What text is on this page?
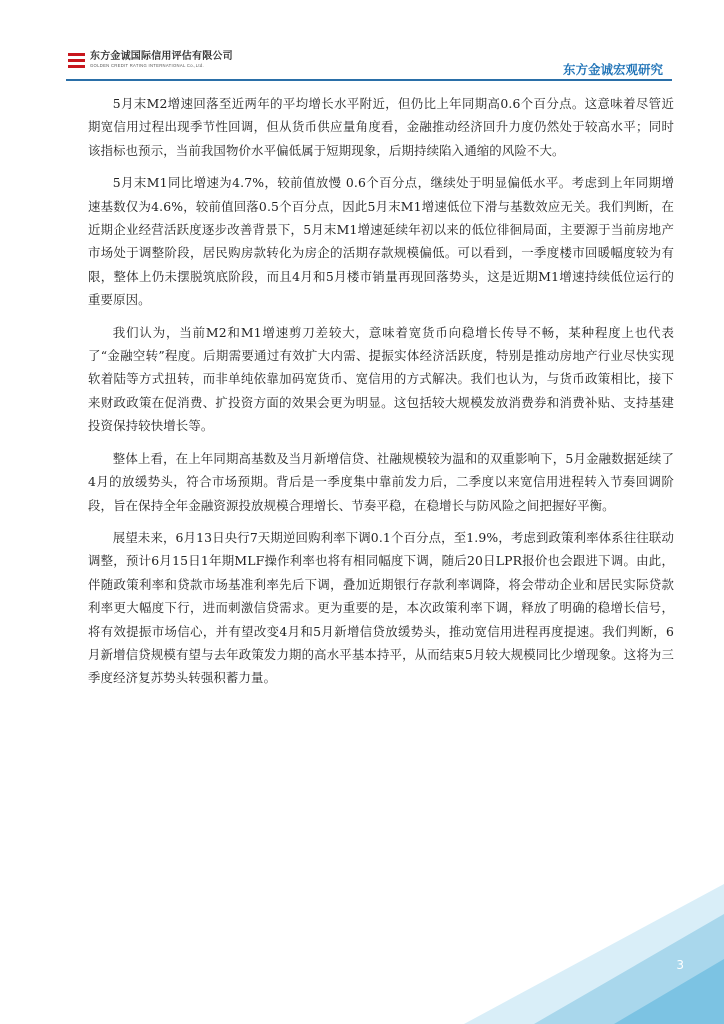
东方金诚国际信用评估有限公司
GOLDEN CREDIT RATING INTERNATIONAL Co.,Ltd.	东方金诚宏观研究

5月末M2增速回落至近两年的平均增长水平附近，但仍比上年同期高0.6个百分点。这意味着尽管近期宽信用过程出现季节性回调，但从货币供应量角度看，金融推动经济回升力度仍然处于较高水平；同时该指标也预示，当前我国物价水平偏低属于短期现象，后期持续陷入通缩的风险不大。

5月末M1同比增速为4.7%，较前值放慢 0.6个百分点，继续处于明显偏低水平。考虑到上年同期增速基数仅为4.6%，较前值回落0.5个百分点，因此5月末M1增速低位下滑与基数效应无关。我们判断，在近期企业经营活跃度逐步改善背景下，5月末M1增速延续年初以来的低位徘徊局面，主要源于当前房地产市场处于调整阶段，居民购房款转化为房企的活期存款规模偏低。可以看到，一季度楼市回暖幅度较为有限，整体上仍未摆脱筑底阶段，而且4月和5月楼市销量再现回落势头，这是近期M1增速持续低位运行的重要原因。

我们认为，当前M2和M1增速剪刀差较大，意味着宽货币向稳增长传导不畅，某种程度上也代表了“金融空转”程度。后期需要通过有效扩大内需、提振实体经济活跃度，特别是推动房地产行业尽快实现软着陆等方式扭转，而非单纯依靠加码宽货币、宽信用的方式解决。我们也认为，与货币政策相比，接下来财政政策在促消费、扩投资方面的效果会更为明显。这包括较大规模发放消费券和消费补贴、支持基建投资保持较快增长等。

整体上看，在上年同期高基数及当月新增信贷、社融规模较为温和的双重影响下，5月金融数据延续了4月的放缓势头，符合市场预期。背后是一季度集中靠前发力后，二季度以来宽信用进程转入节奏回调阶段，旨在保持全年金融资源投放规模合理增长、节奏平稳，在稳增长与防风险之间把握好平衡。

展望未来，6月13日央行7天期逆回购利率下调0.1个百分点，至1.9%，考虑到政策利率体系往往联动调整，预计6月15日1年期MLF操作利率也将有相同幅度下调，随后20日LPR报价也会跟进下调。由此，伴随政策利率和贷款市场基准利率先后下调，叠加近期银行存款利率调降，将会带动企业和居民实际贷款利率更大幅度下行，进而刺激信贷需求。更为重要的是，本次政策利率下调，释放了明确的稳增长信号，将有效提振市场信心，并有望改变4月和5月新增信贷放缓势头，推动宽信用进程再度提速。我们判断，6月新增信贷规模有望与去年政策发力期的高水平基本持平，从而结束5月较大规模同比少增现象。这将为三季度经济复苏势头转强积蓄力量。

3
